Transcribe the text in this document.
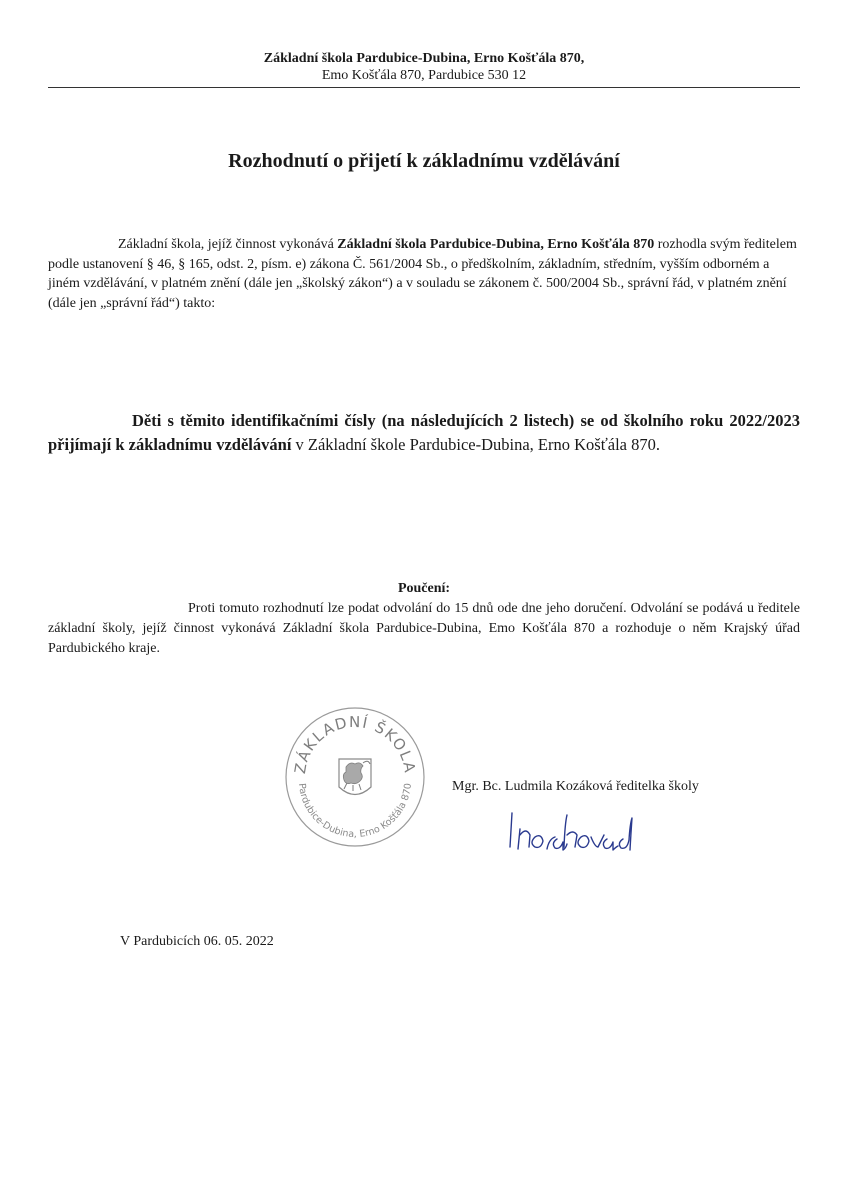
Základní škola Pardubice-Dubina, Erno Košťála 870,
Emo Košťála 870, Pardubice 530 12
Rozhodnutí o přijetí k základnímu vzdělávání
Základní škola, jejíž činnost vykonává Základní škola Pardubice-Dubina, Erno Košťála 870 rozhodla svým ředitelem podle ustanovení § 46, § 165, odst. 2, písm. e) zákona Č. 561/2004 Sb., o předškolním, základním, středním, vyšším odborném a jiném vzdělávání, v platném znění (dále jen „školský zákon“) a v souladu se zákonem č. 500/2004 Sb., správní řád, v platném znění (dále jen „správní řád“) takto:
Děti s těmito identifikačními čísly (na následujících 2 listech) se od školního roku 2022/2023 přijímají k základnímu vzdělávání v Základní škole Pardubice-Dubina, Erno Košťála 870.
Poučení:
Proti tomuto rozhodnutí lze podat odvolání do 15 dnů ode dne jeho doručení. Odvolání se podává u ředitele základní školy, jejíž činnost vykonává Základní škola Pardubice-Dubina, Emo Košťála 870 a rozhoduje o něm Krajský úřad Pardubického kraje.
ZÁKLADNÍ ŠKOLA
Pardubice-Dubina, Erno Košťála 870	Mgr. Bc. Ludmila Kozáková ředitelka školy
V Pardubicích 06. 05. 2022
